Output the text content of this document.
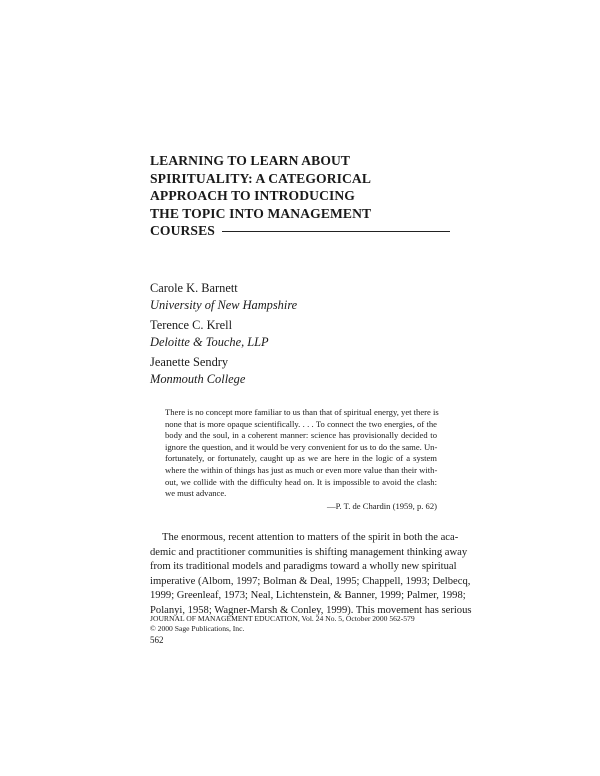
LEARNING TO LEARN ABOUT
SPIRITUALITY: A CATEGORICAL
APPROACH TO INTRODUCING
THE TOPIC INTO MANAGEMENT
COURSES
Carole K. Barnett
University of New Hampshire
Terence C. Krell
Deloitte & Touche, LLP
Jeanette Sendry
Monmouth College
There is no concept more familiar to us than that of spiritual energy, yet there is
none that is more opaque scientifically. . . . To connect the two energies, of the
body and the soul, in a coherent manner: science has provisionally decided to
ignore the question, and it would be very convenient for us to do the same. Un-
fortunately, or fortunately, caught up as we are here in the logic of a system
where the within of things has just as much or even more value than their with-
out, we collide with the difficulty head on. It is impossible to avoid the clash:
we must advance.
—P. T. de Chardin (1959, p. 62)
The enormous, recent attention to matters of the spirit in both the aca-
demic and practitioner communities is shifting management thinking away
from its traditional models and paradigms toward a wholly new spiritual
imperative (Albom, 1997; Bolman & Deal, 1995; Chappell, 1993; Delbecq,
1999; Greenleaf, 1973; Neal, Lichtenstein, & Banner, 1999; Palmer, 1998;
Polanyi, 1958; Wagner-Marsh & Conley, 1999). This movement has serious
JOURNAL OF MANAGEMENT EDUCATION, Vol. 24 No. 5, October 2000 562-579
© 2000 Sage Publications, Inc.
562
